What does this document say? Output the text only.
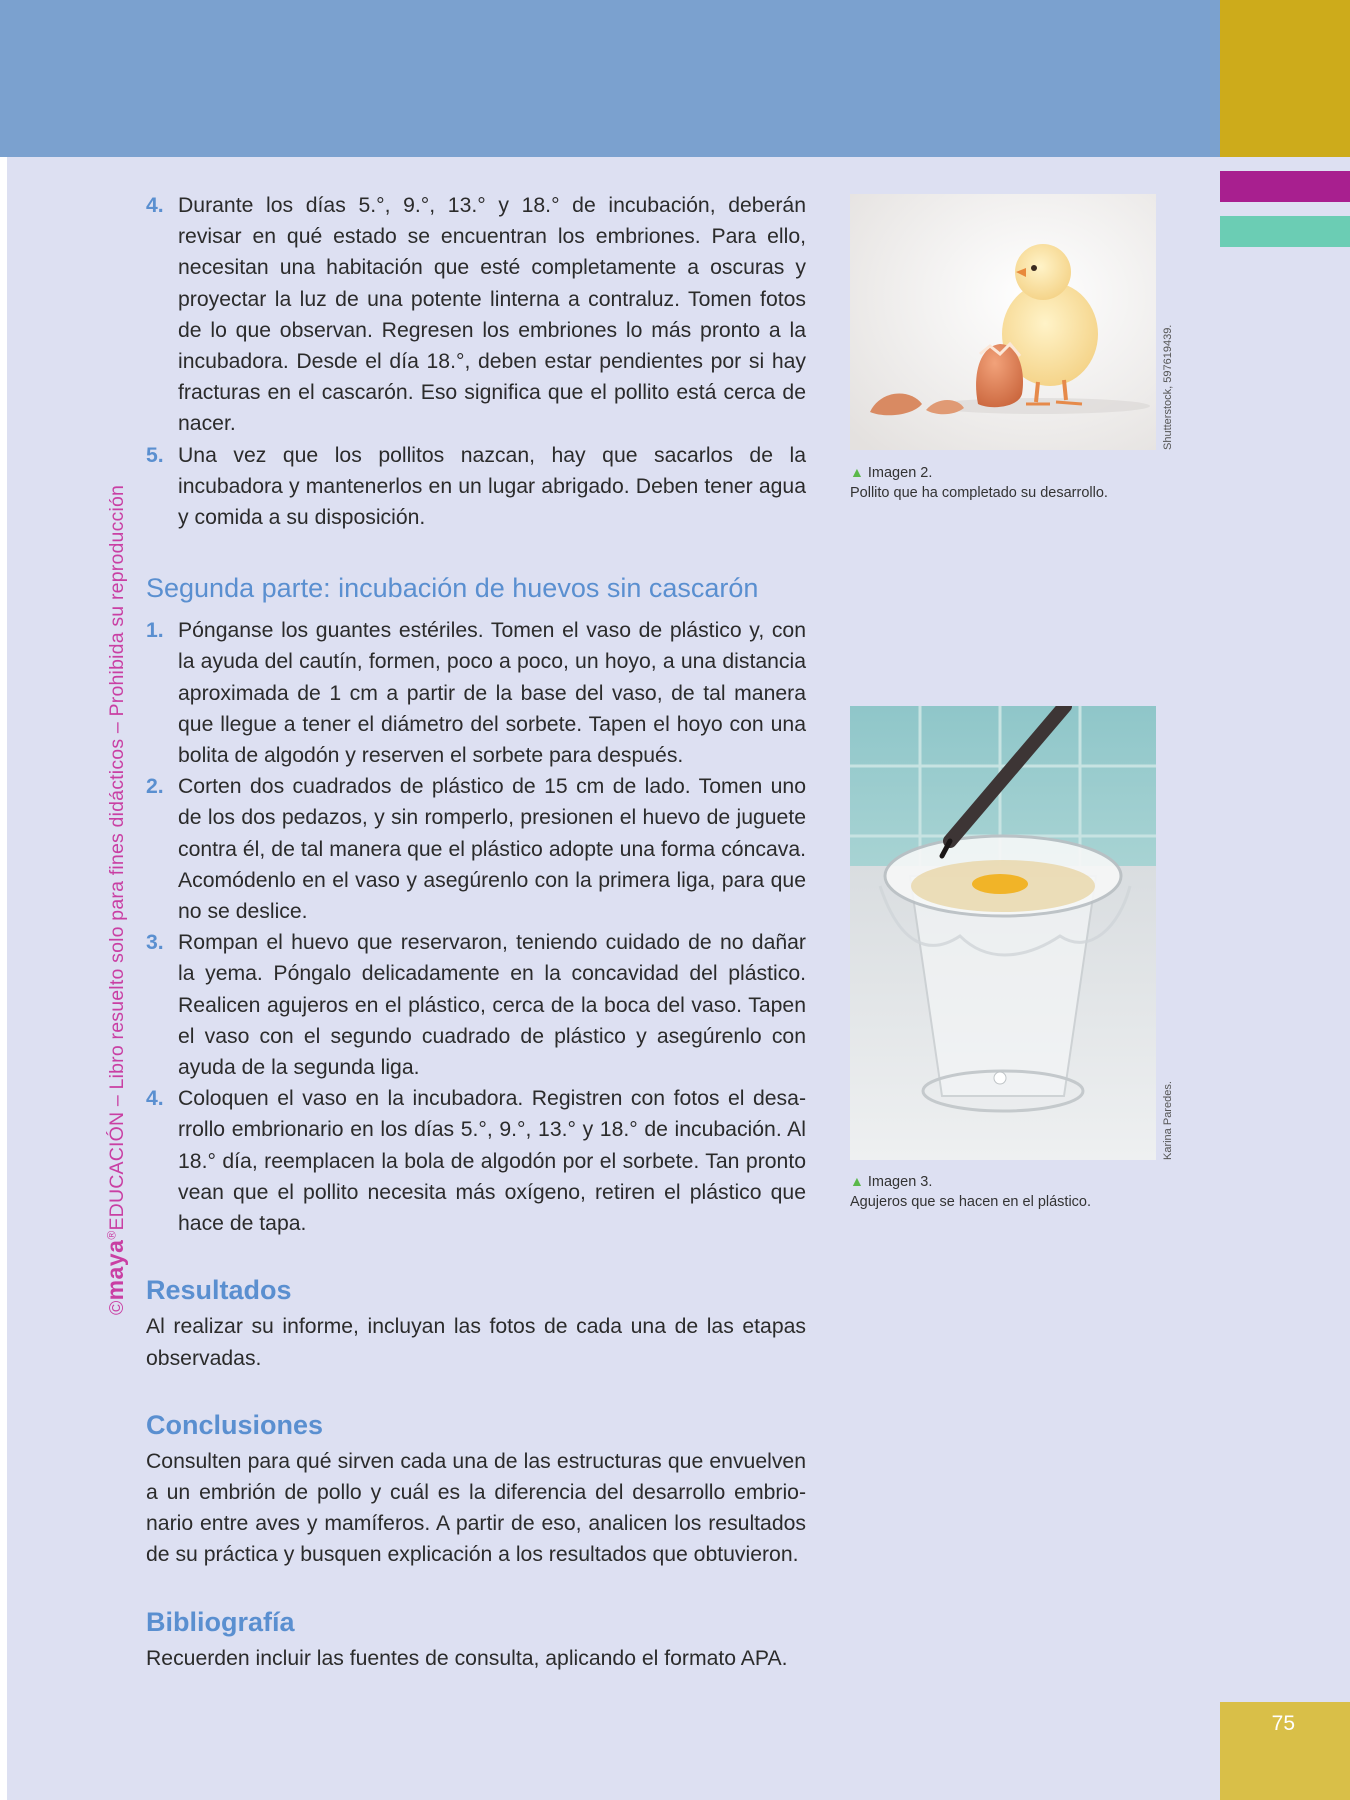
75
©maya®EDUCACIÓN – Libro resuelto solo para fines didácticos – Prohibida su reproducción
4. Durante los días 5.°, 9.°, 13.° y 18.° de incubación, deberán revisar en qué estado se encuentran los embriones. Para ello, necesitan una habitación que esté completamente a oscuras y proyectar la luz de una potente linterna a contraluz. Tomen fotos de lo que observan. Regresen los embriones lo más pronto a la incubadora. Desde el día 18.°, deben estar pendientes por si hay fracturas en el cascarón. Eso significa que el pollito está cerca de nacer.
5. Una vez que los pollitos nazcan, hay que sacarlos de la incubadora y mantenerlos en un lugar abrigado. Deben tener agua y comida a su disposición.
Segunda parte: incubación de huevos sin cascarón
1. Pónganse los guantes estériles. Tomen el vaso de plástico y, con la ayuda del cautín, formen, poco a poco, un hoyo, a una distancia aproximada de 1 cm a partir de la base del vaso, de tal manera que llegue a tener el diámetro del sorbete. Tapen el hoyo con una bolita de algodón y reserven el sorbete para después.
2. Corten dos cuadrados de plástico de 15 cm de lado. Tomen uno de los dos pedazos, y sin romperlo, presionen el huevo de juguete contra él, de tal manera que el plástico adopte una forma cóncava. Acomódenlo en el vaso y asegúrenlo con la primera liga, para que no se deslice.
3. Rompan el huevo que reservaron, teniendo cuidado de no dañar la yema. Póngalo delicadamente en la concavidad del plástico. Realicen agujeros en el plástico, cerca de la boca del vaso. Tapen el vaso con el segundo cuadrado de plástico y asegúrenlo con ayuda de la segunda liga.
4. Coloquen el vaso en la incubadora. Registren con fotos el desarrollo embrionario en los días 5.°, 9.°, 13.° y 18.° de incubación. Al 18.° día, reemplacen la bola de algodón por el sorbete. Tan pronto vean que el pollito necesita más oxígeno, retiren el plástico que hace de tapa.
Resultados

Al realizar su informe, incluyan las fotos de cada una de las etapas observadas.

Conclusiones

Consulten para qué sirven cada una de las estructuras que envuelven a un embrión de pollo y cuál es la diferencia del desarrollo embrionario entre aves y mamíferos. A partir de eso, analicen los resultados de su práctica y busquen explicación a los resultados que obtuvieron.

Bibliografía

Recuerden incluir las fuentes de consulta, aplicando el formato APA.

Shutterstock, 597619439.
▲ Imagen 2.
Pollito que ha completado su desarrollo.
Karina Paredes.
▲ Imagen 3.
Agujeros que se hacen en el plástico.
